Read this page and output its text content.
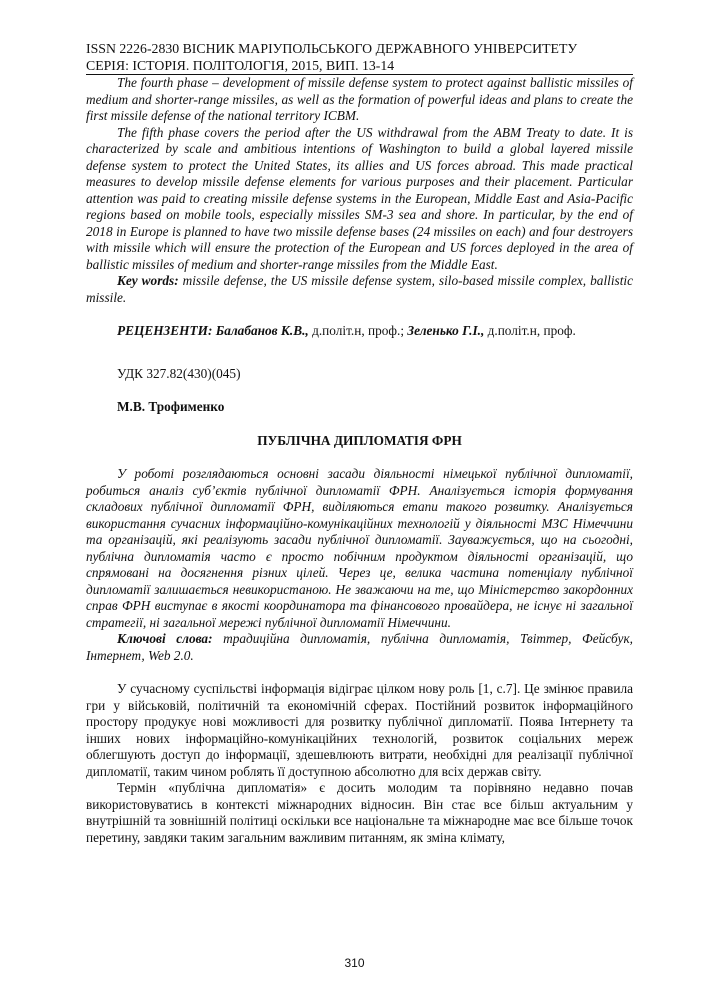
ISSN 2226-2830 ВІСНИК МАРІУПОЛЬСЬКОГО ДЕРЖАВНОГО УНІВЕРСИТЕТУ
СЕРІЯ: ІСТОРІЯ. ПОЛІТОЛОГІЯ, 2015, ВИП. 13-14

The fourth phase – development of missile defense system to protect against ballistic missiles of medium and shorter-range missiles, as well as the formation of powerful ideas and plans to create the first missile defense of the national territory ICBM.

The fifth phase covers the period after the US withdrawal from the ABM Treaty to date. It is characterized by scale and ambitious intentions of Washington to build a global layered missile defense system to protect the United States, its allies and US forces abroad. This made practical measures to develop missile defense elements for various purposes and their placement. Particular attention was paid to creating missile defense systems in the European, Middle East and Asia-Pacific regions based on mobile tools, especially missiles SM-3 sea and shore. In particular, by the end of 2018 in Europe is planned to have two missile defense bases (24 missiles on each) and four destroyers with missile which will ensure the protection of the European and US forces deployed in the area of ballistic missiles of medium and shorter-range missiles from the Middle East.

Key words: missile defense, the US missile defense system, silo-based missile complex, ballistic missile.

РЕЦЕНЗЕНТИ: Балабанов К.В., д.політ.н, проф.; Зеленько Г.І., д.політ.н, проф.

УДК 327.82(430)(045)

М.В. Трофименко

ПУБЛІЧНА ДИПЛОМАТІЯ ФРН

У роботі розглядаються основні засади діяльності німецької публічної дипломатії, робиться аналіз суб’єктів публічної дипломатії ФРН. Аналізується історія формування складових публічної дипломатії ФРН, виділяються етапи такого розвитку. Аналізується використання сучасних інформаційно-комунікаційних технологій у діяльності МЗС Німеччини та організацій, які реалізують засади публічної дипломатії. Зауважується, що на сьогодні, публічна дипломатія часто є просто побічним продуктом діяльності організацій, що спрямовані на досягнення різних цілей. Через це, велика частина потенціалу публічної дипломатії залишається невикористаною. Не зважаючи на те, що Міністерство закордонних справ ФРН виступає в якості координатора та фінансового провайдера, не існує ні загальної стратегії, ні загальної мережі публічної дипломатії Німеччини.

Ключові слова: традиційна дипломатія, публічна дипломатія, Твіттер, Фейсбук, Інтернет, Web 2.0.

У сучасному суспільстві інформація відіграє цілком нову роль [1, с.7]. Це змінює правила гри у військовій, політичній та економічній сферах. Постійний розвиток інформаційного простору продукує нові можливості для розвитку публічної дипломатії. Поява Інтернету та інших нових інформаційно-комунікаційних технологій, розвиток соціальних мереж облегшують доступ до інформації, здешевлюють витрати, необхідні для реалізації публічної дипломатії, таким чином роблять її доступною абсолютно для всіх держав світу.

Термін «публічна дипломатія» є досить молодим та порівняно недавно почав використовуватись в контексті міжнародних відносин. Він стає все більш актуальним у внутрішній та зовнішній політиці оскільки все національне та міжнародне має все більше точок перетину, завдяки таким загальним важливим питанням, як зміна клімату,

310
